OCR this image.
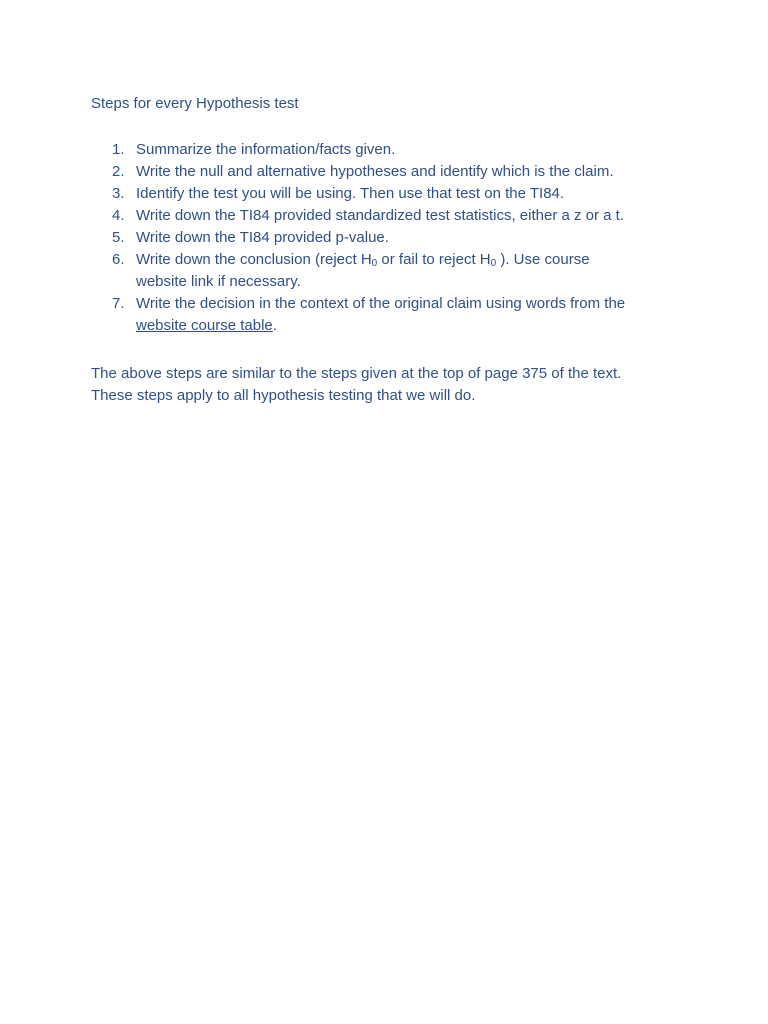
Steps for every Hypothesis test
1. Summarize the information/facts given.
2. Write the null and alternative hypotheses and identify which is the claim.
3. Identify the test you will be using. Then use that test on the TI84.
4. Write down the TI84 provided standardized test statistics, either a z or a t.
5. Write down the TI84 provided p-value.
6. Write down the conclusion (reject $H_0$ or fail to reject $H_0$ ). Use course
website link if necessary.
7. Write the decision in the context of the original claim using words from the
website course table.
The above steps are similar to the steps given at the top of page 375 of the text.
These steps apply to all hypothesis testing that we will do.
